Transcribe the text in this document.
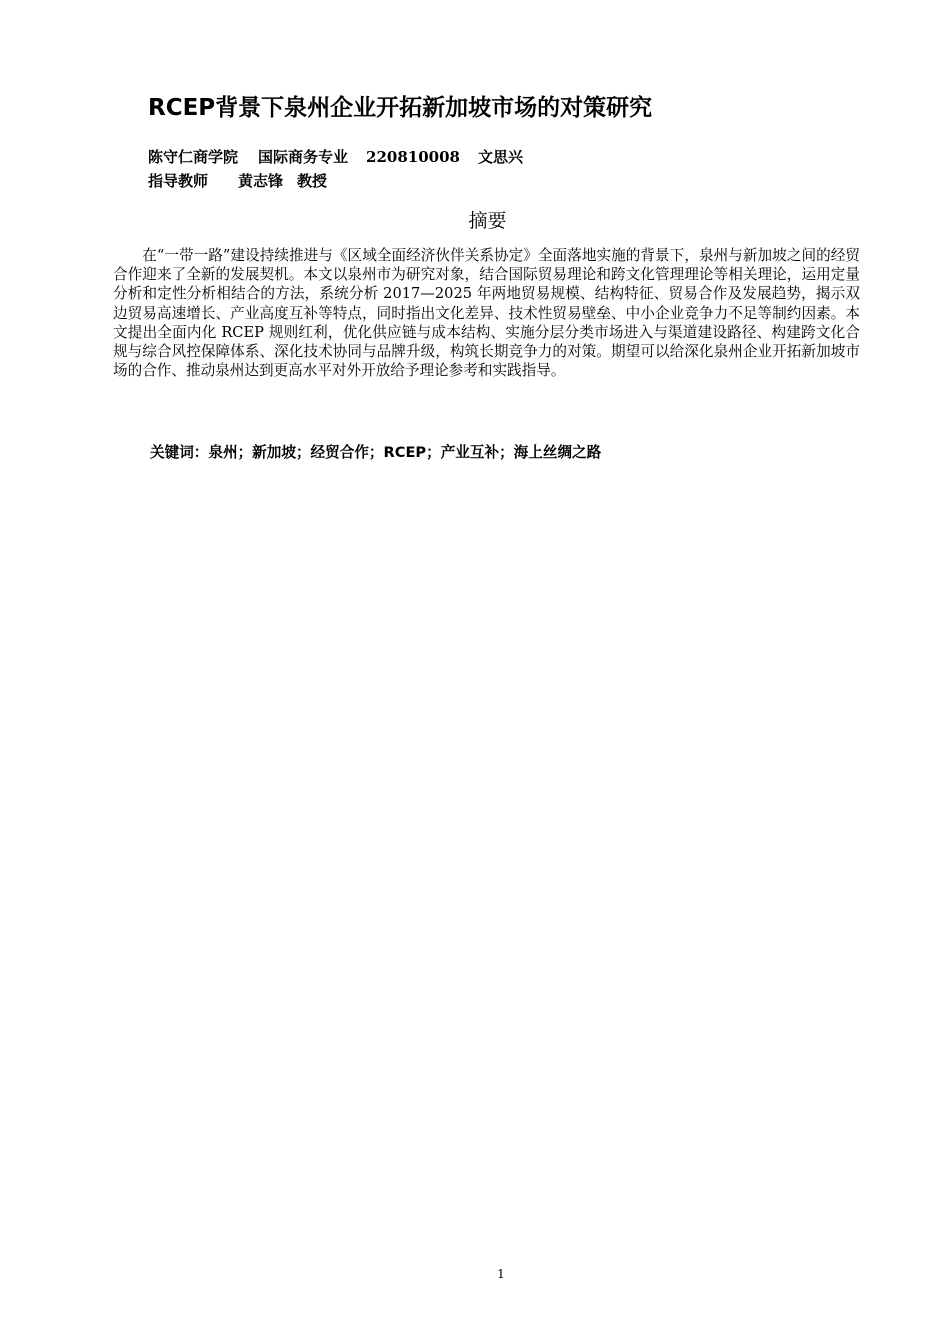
RCEP背景下泉州企业开拓新加坡市场的对策研究
陈守仁商学院 国际商务专业 220810008 文思兴
指导教师 黄志锋 教授
摘要

在“一带一路”建设持续推进与《区域全面经济伙伴关系协定》全面落地实施的背景下，泉州与新加坡之间的经贸合作迎来了全新的发展契机。本文以泉州市为研究对象，结合国际贸易理论和跨文化管理理论等相关理论，运用定量分析和定性分析相结合的方法，系统分析 2017—2025 年两地贸易规模、结构特征、贸易合作及发展趋势，揭示双边贸易高速增长、产业高度互补等特点，同时指出文化差异、技术性贸易壁垒、中小企业竞争力不足等制约因素。本文提出全面内化 RCEP 规则红利，优化供应链与成本结构、实施分层分类市场进入与渠道建设路径、构建跨文化合规与综合风控保障体系、深化技术协同与品牌升级，构筑长期竞争力的对策。期望可以给深化泉州企业开拓新加坡市场的合作、推动泉州达到更高水平对外开放给予理论参考和实践指导。

关键词：泉州；新加坡；经贸合作；RCEP；产业互补；海上丝绸之路
1
